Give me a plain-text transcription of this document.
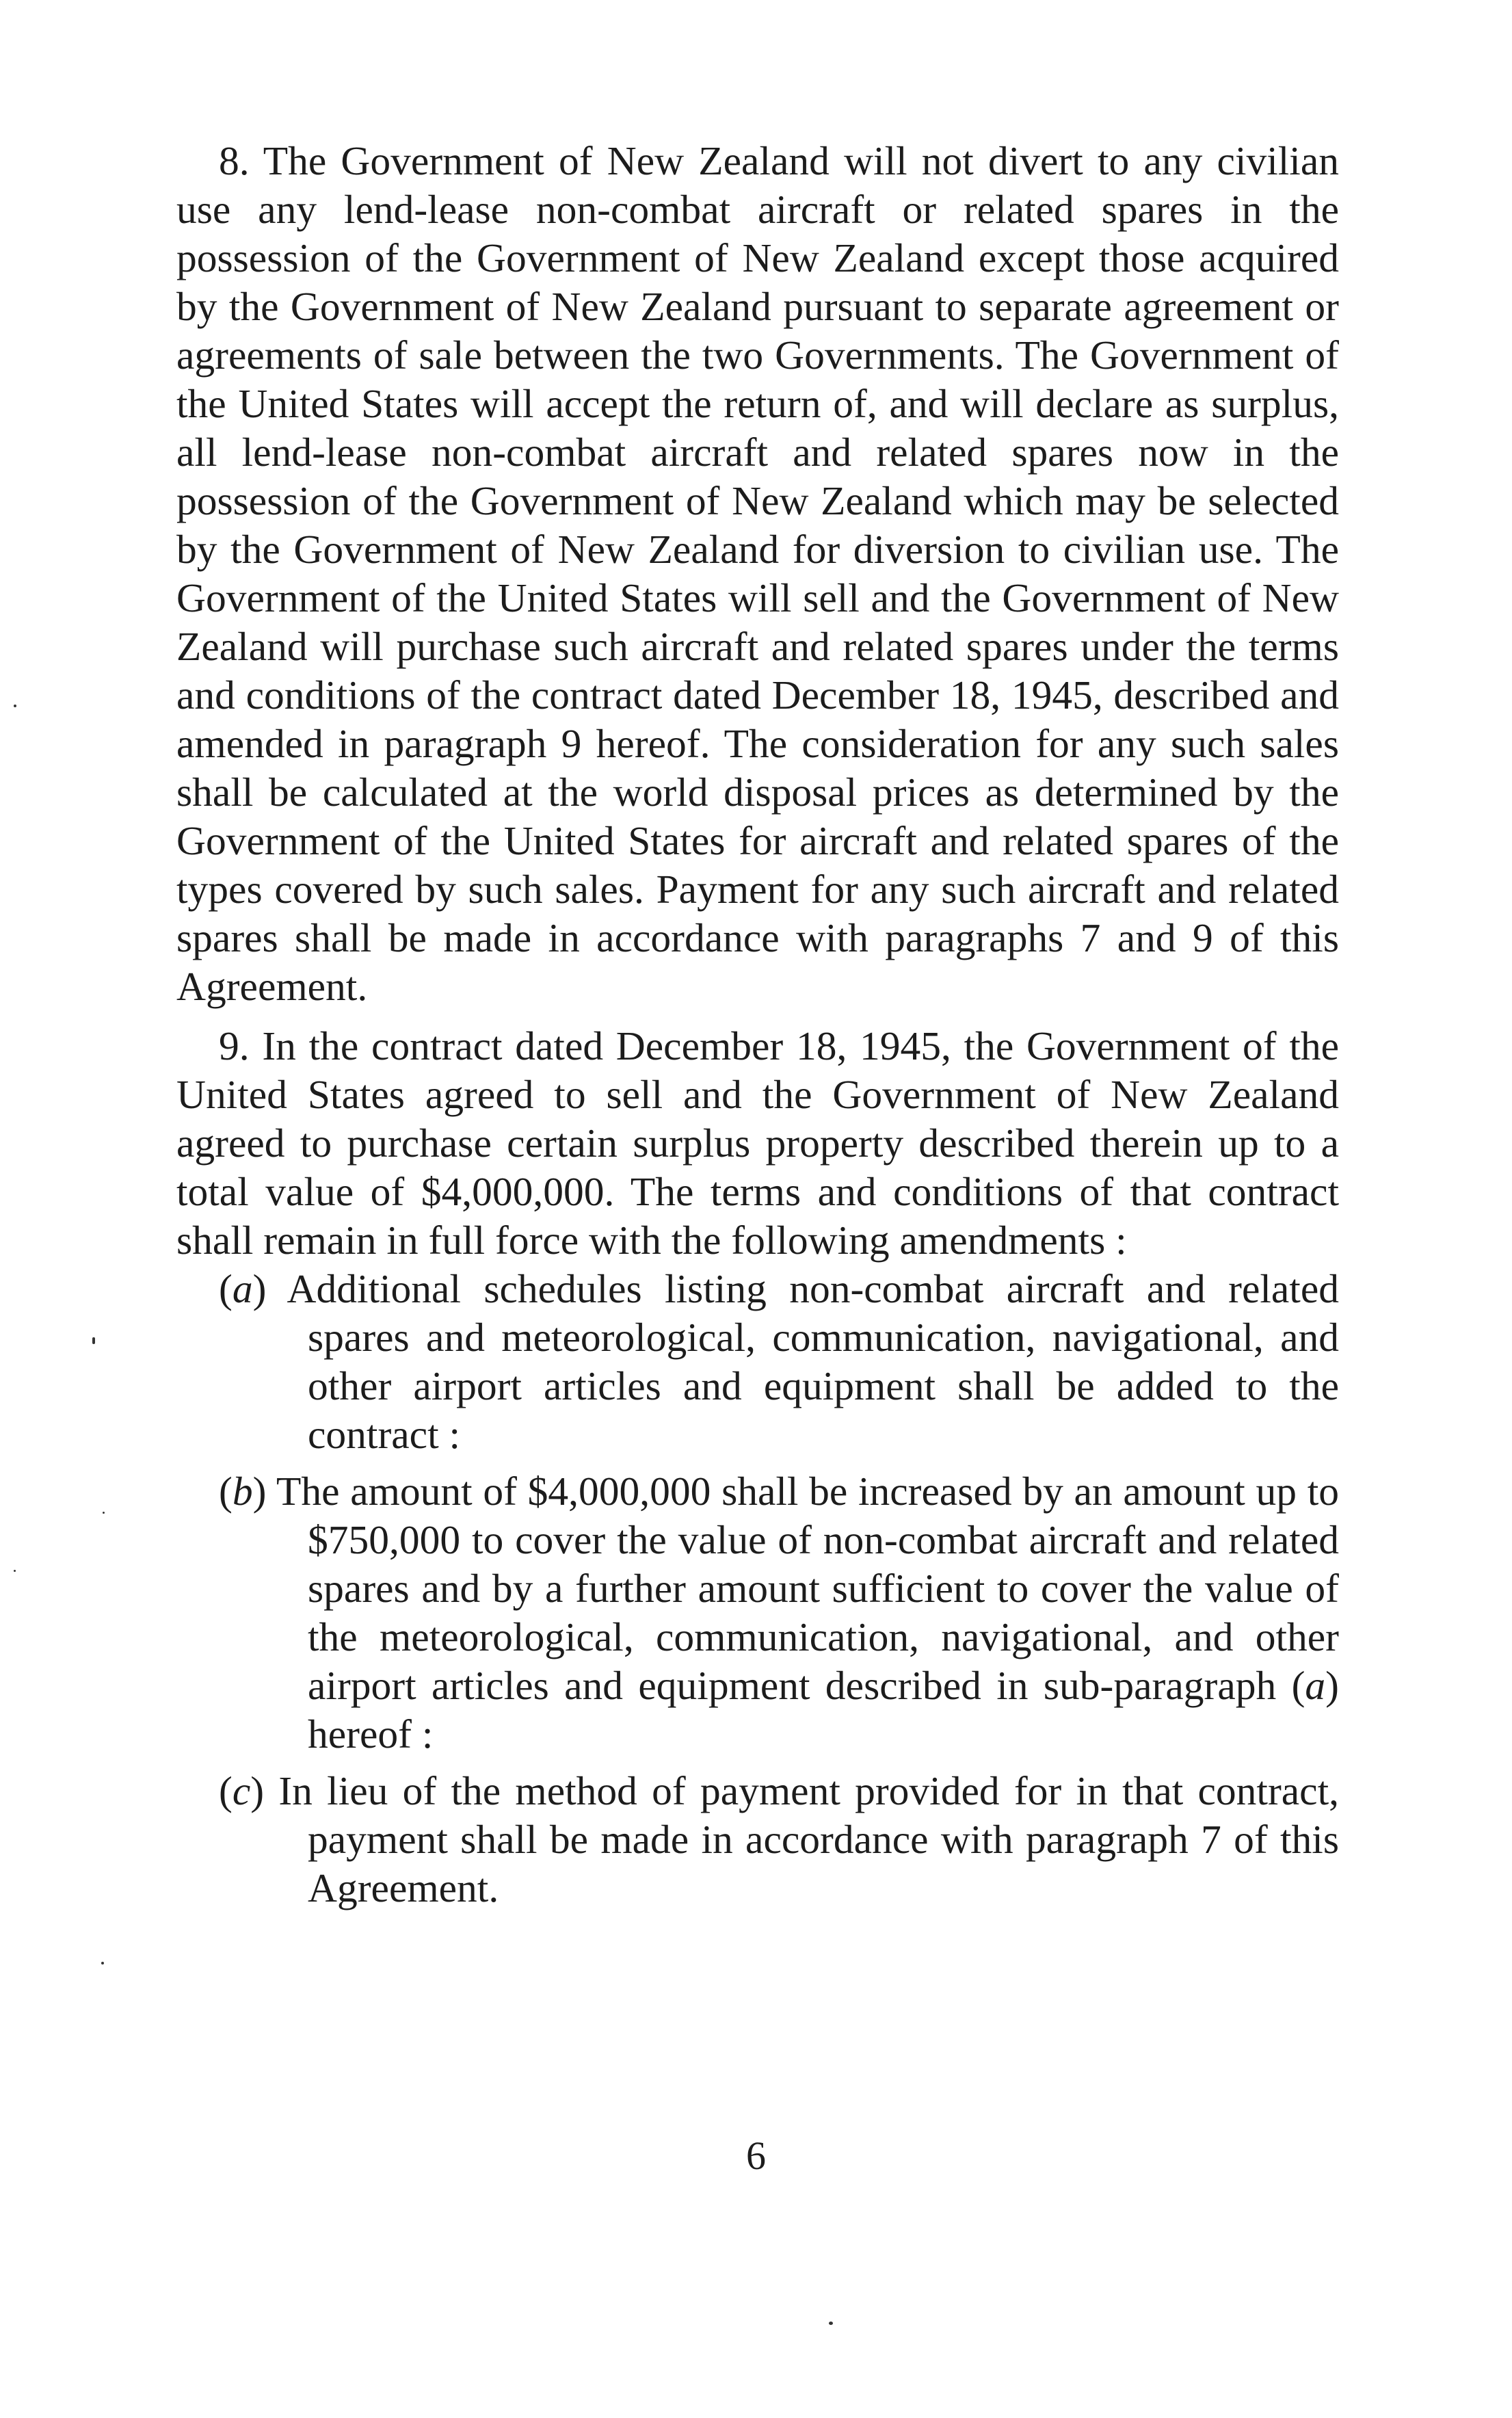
8. The Government of New Zealand will not divert to any civilian use any lend-lease non-combat aircraft or related spares in the possession of the Government of New Zealand except those acquired by the Government of New Zealand pursuant to separate agreement or agreements of sale between the two Governments. The Government of the United States will accept the return of, and will declare as surplus, all lend-lease non-combat aircraft and related spares now in the possession of the Government of New Zealand which may be selected by the Government of New Zealand for diversion to civilian use. The Government of the United States will sell and the Government of New Zealand will purchase such aircraft and related spares under the terms and conditions of the contract dated December 18, 1945, described and amended in paragraph 9 hereof. The consideration for any such sales shall be calculated at the world disposal prices as determined by the Government of the United States for aircraft and related spares of the types covered by such sales. Payment for any such aircraft and related spares shall be made in accordance with paragraphs 7 and 9 of this Agreement.

9. In the contract dated December 18, 1945, the Government of the United States agreed to sell and the Government of New Zealand agreed to purchase certain surplus property described therein up to a total value of $4,000,000. The terms and conditions of that contract shall remain in full force with the following amendments :

(a) Additional schedules listing non-combat aircraft and related spares and meteorological, communication, navigational, and other airport articles and equipment shall be added to the contract :

(b) The amount of $4,000,000 shall be increased by an amount up to $750,000 to cover the value of non-combat aircraft and related spares and by a further amount sufficient to cover the value of the meteorological, communication, navigational, and other airport articles and equipment described in sub-paragraph (a) hereof :

(c) In lieu of the method of payment provided for in that contract, payment shall be made in accordance with paragraph 7 of this Agreement.

6
